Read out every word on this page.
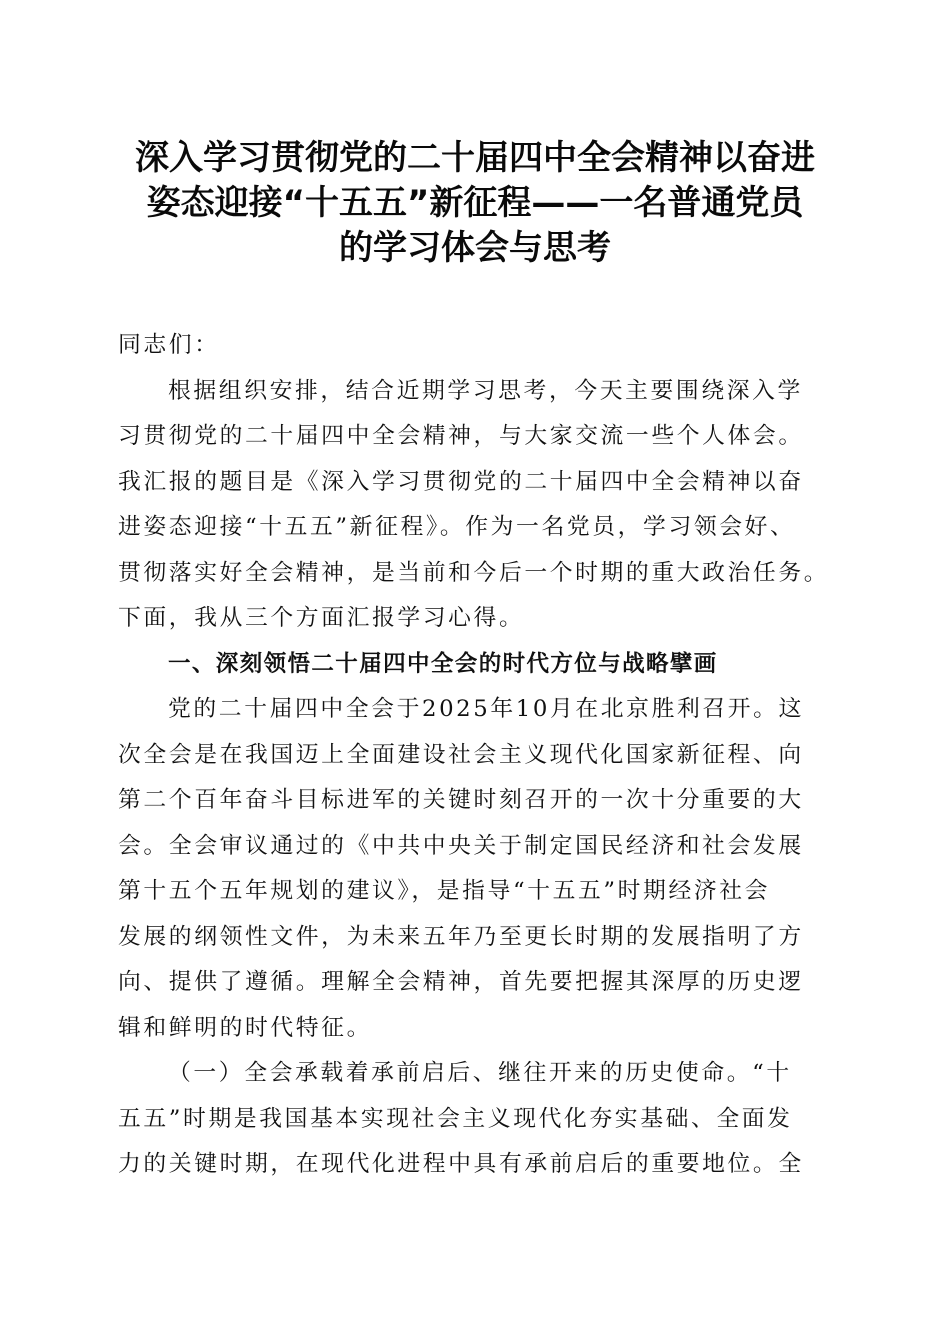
深入学习贯彻党的二十届四中全会精神以奋进
姿态迎接“十五五”新征程——一名普通党员
的学习体会与思考
同志们：
根据组织安排，结合近期学习思考，今天主要围绕深入学
习贯彻党的二十届四中全会精神，与大家交流一些个人体会。
我汇报的题目是《深入学习贯彻党的二十届四中全会精神以奋
进姿态迎接“十五五”新征程》。作为一名党员，学习领会好、
贯彻落实好全会精神，是当前和今后一个时期的重大政治任务。
下面，我从三个方面汇报学习心得。
一、深刻领悟二十届四中全会的时代方位与战略擘画
党的二十届四中全会于2025年10月在北京胜利召开。这
次全会是在我国迈上全面建设社会主义现代化国家新征程、向
第二个百年奋斗目标进军的关键时刻召开的一次十分重要的大
会。全会审议通过的《中共中央关于制定国民经济和社会发展
第十五个五年规划的建议》，是指导“十五五”时期经济社会
发展的纲领性文件，为未来五年乃至更长时期的发展指明了方
向、提供了遵循。理解全会精神，首先要把握其深厚的历史逻
辑和鲜明的时代特征。
（一）全会承载着承前启后、继往开来的历史使命。“十
五五”时期是我国基本实现社会主义现代化夯实基础、全面发
力的关键时期，在现代化进程中具有承前启后的重要地位。全
